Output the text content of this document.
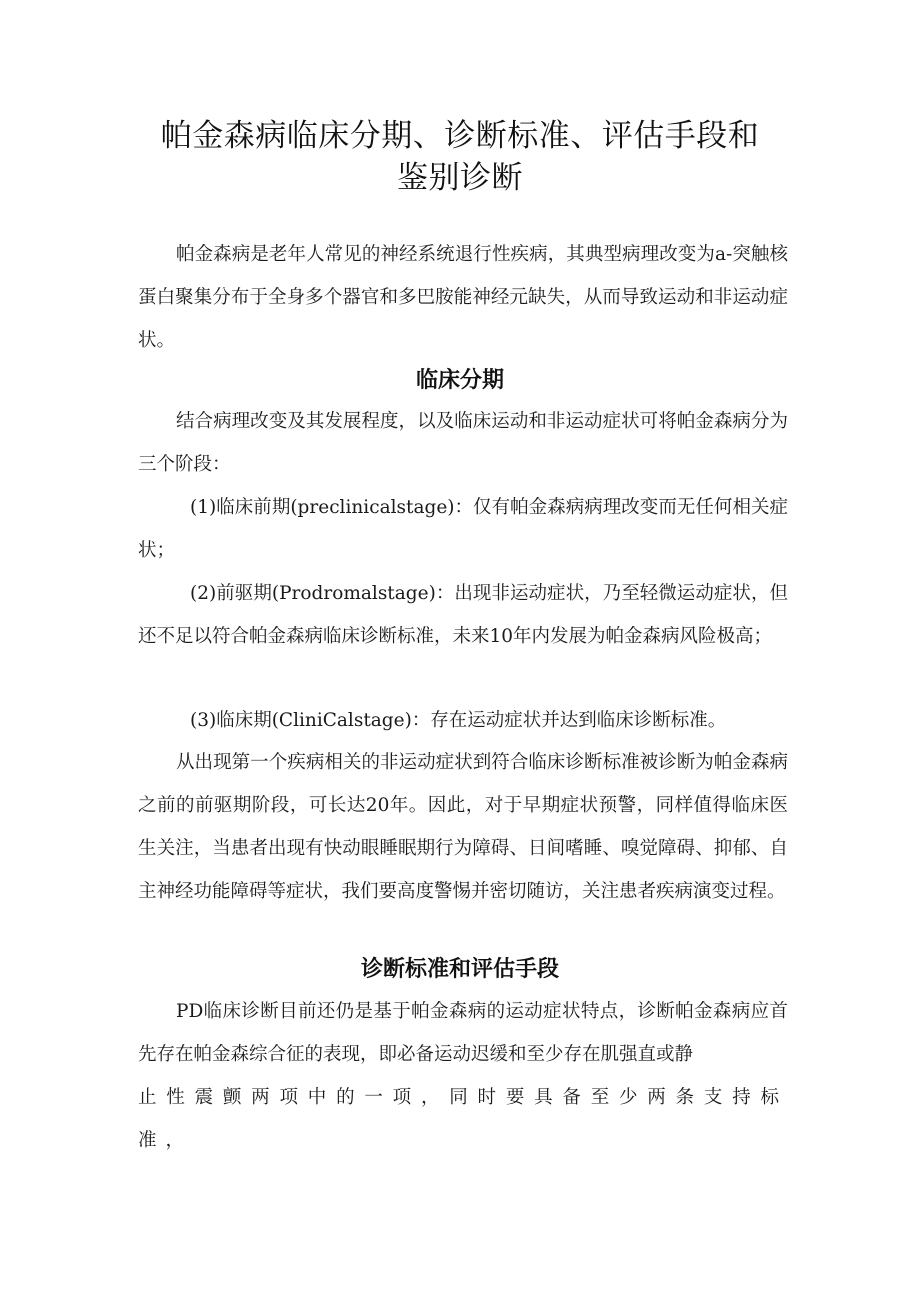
帕金森病临床分期、诊断标准、评估手段和
鉴别诊断

帕金森病是老年人常见的神经系统退行性疾病，其典型病理改变为a-突触核蛋白聚集分布于全身多个器官和多巴胺能神经元缺失，从而导致运动和非运动症状。

临床分期

结合病理改变及其发展程度，以及临床运动和非运动症状可将帕金森病分为三个阶段：

(1)临床前期(preclinicalstage)：仅有帕金森病病理改变而无任何相关症状；

(2)前驱期(Prodromalstage)：出现非运动症状，乃至轻微运动症状，但还不足以符合帕金森病临床诊断标准，未来10年内发展为帕金森病风险极高；

(3)临床期(CliniCalstage)：存在运动症状并达到临床诊断标准。

从出现第一个疾病相关的非运动症状到符合临床诊断标准被诊断为帕金森病之前的前驱期阶段，可长达20年。因此，对于早期症状预警，同样值得临床医生关注，当患者出现有快动眼睡眠期行为障碍、日间嗜睡、嗅觉障碍、抑郁、自主神经功能障碍等症状，我们要高度警惕并密切随访，关注患者疾病演变过程。

诊断标准和评估手段

PD临床诊断目前还仍是基于帕金森病的运动症状特点，诊断帕金森病应首先存在帕金森综合征的表现，即必备运动迟缓和至少存在肌强直或静

止性震颤两项中的一项，同时要具备至少两条支持标准，
